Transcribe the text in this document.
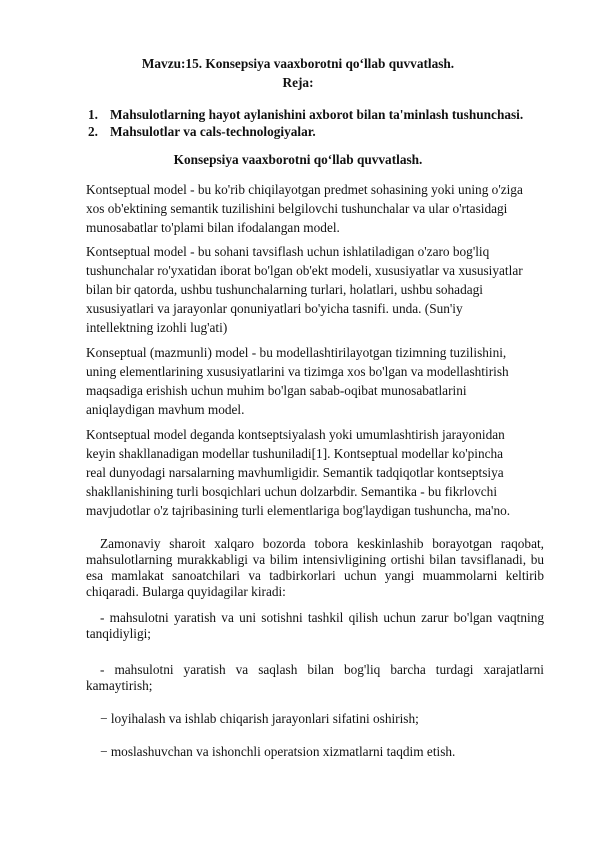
Mavzu:15. Konsepsiya vaaxborotni qo‘llab quvvatlash.
Reja:
1. Mahsulotlarning hayot aylanishini axborot bilan ta'minlash tushunchasi.
2. Mahsulotlar va cals-technologiyalar.
Konsepsiya vaaxborotni qo‘llab quvvatlash.
Kontseptual model - bu ko'rib chiqilayotgan predmet sohasining yoki uning o'ziga xos ob'ektining semantik tuzilishini belgilovchi tushunchalar va ular o'rtasidagi munosabatlar to'plami bilan ifodalangan model.
Kontseptual model - bu sohani tavsiflash uchun ishlatiladigan o'zaro bog'liq tushunchalar ro'yxatidan iborat bo'lgan ob'ekt modeli, xususiyatlar va xususiyatlar bilan bir qatorda, ushbu tushunchalarning turlari, holatlari, ushbu sohadagi xususiyatlari va jarayonlar qonuniyatlari bo'yicha tasnifi. unda. (Sun'iy intellektning izohli lug'ati)
Konseptual (mazmunli) model - bu modellashtirilayotgan tizimning tuzilishini, uning elementlarining xususiyatlarini va tizimga xos bo'lgan va modellashtirish maqsadiga erishish uchun muhim bo'lgan sabab-oqibat munosabatlarini aniqlaydigan mavhum model.
Kontseptual model deganda kontseptsiyalash yoki umumlashtirish jarayonidan keyin shakllanadigan modellar tushuniladi[1]. Kontseptual modellar ko'pincha real dunyodagi narsalarning mavhumligidir. Semantik tadqiqotlar kontseptsiya shakllanishining turli bosqichlari uchun dolzarbdir. Semantika - bu fikrlovchi mavjudotlar o'z tajribasining turli elementlariga bog'laydigan tushuncha, ma'no.
Zamonaviy sharoit xalqaro bozorda tobora keskinlashib borayotgan raqobat, mahsulotlarning murakkabligi va bilim intensivligining ortishi bilan tavsiflanadi, bu esa mamlakat sanoatchilari va tadbirkorlari uchun yangi muammolarni keltirib chiqaradi. Bularga quyidagilar kiradi:
- mahsulotni yaratish va uni sotishni tashkil qilish uchun zarur bo'lgan vaqtning tanqidiyligi;
- mahsulotni yaratish va saqlash bilan bog'liq barcha turdagi xarajatlarni kamaytirish;
− loyihalash va ishlab chiqarish jarayonlari sifatini oshirish;
− moslashuvchan va ishonchli operatsion xizmatlarni taqdim etish.
